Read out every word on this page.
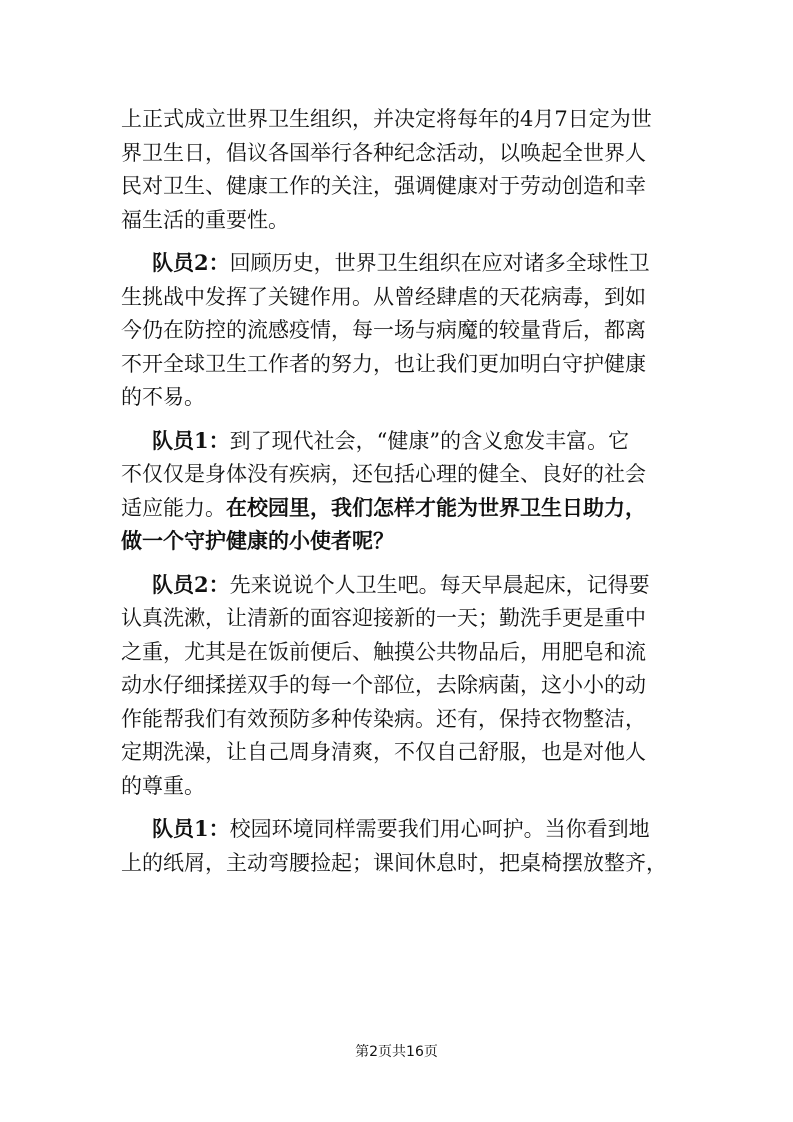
上正式成立世界卫生组织，并决定将每年的4月7日定为世
界卫生日，倡议各国举行各种纪念活动，以唤起全世界人
民对卫生、健康工作的关注，强调健康对于劳动创造和幸
福生活的重要性。
队员2：回顾历史，世界卫生组织在应对诸多全球性卫
生挑战中发挥了关键作用。从曾经肆虐的天花病毒，到如
今仍在防控的流感疫情，每一场与病魔的较量背后，都离
不开全球卫生工作者的努力，也让我们更加明白守护健康
的不易。
队员1：到了现代社会，“健康”的含义愈发丰富。它
不仅仅是身体没有疾病，还包括心理的健全、良好的社会
适应能力。在校园里，我们怎样才能为世界卫生日助力，
做一个守护健康的小使者呢？
队员2：先来说说个人卫生吧。每天早晨起床，记得要
认真洗漱，让清新的面容迎接新的一天；勤洗手更是重中
之重，尤其是在饭前便后、触摸公共物品后，用肥皂和流
动水仔细揉搓双手的每一个部位，去除病菌，这小小的动
作能帮我们有效预防多种传染病。还有，保持衣物整洁，
定期洗澡，让自己周身清爽，不仅自己舒服，也是对他人
的尊重。
队员1：校园环境同样需要我们用心呵护。当你看到地
上的纸屑，主动弯腰捡起；课间休息时，把桌椅摆放整齐，
第2页共16页
